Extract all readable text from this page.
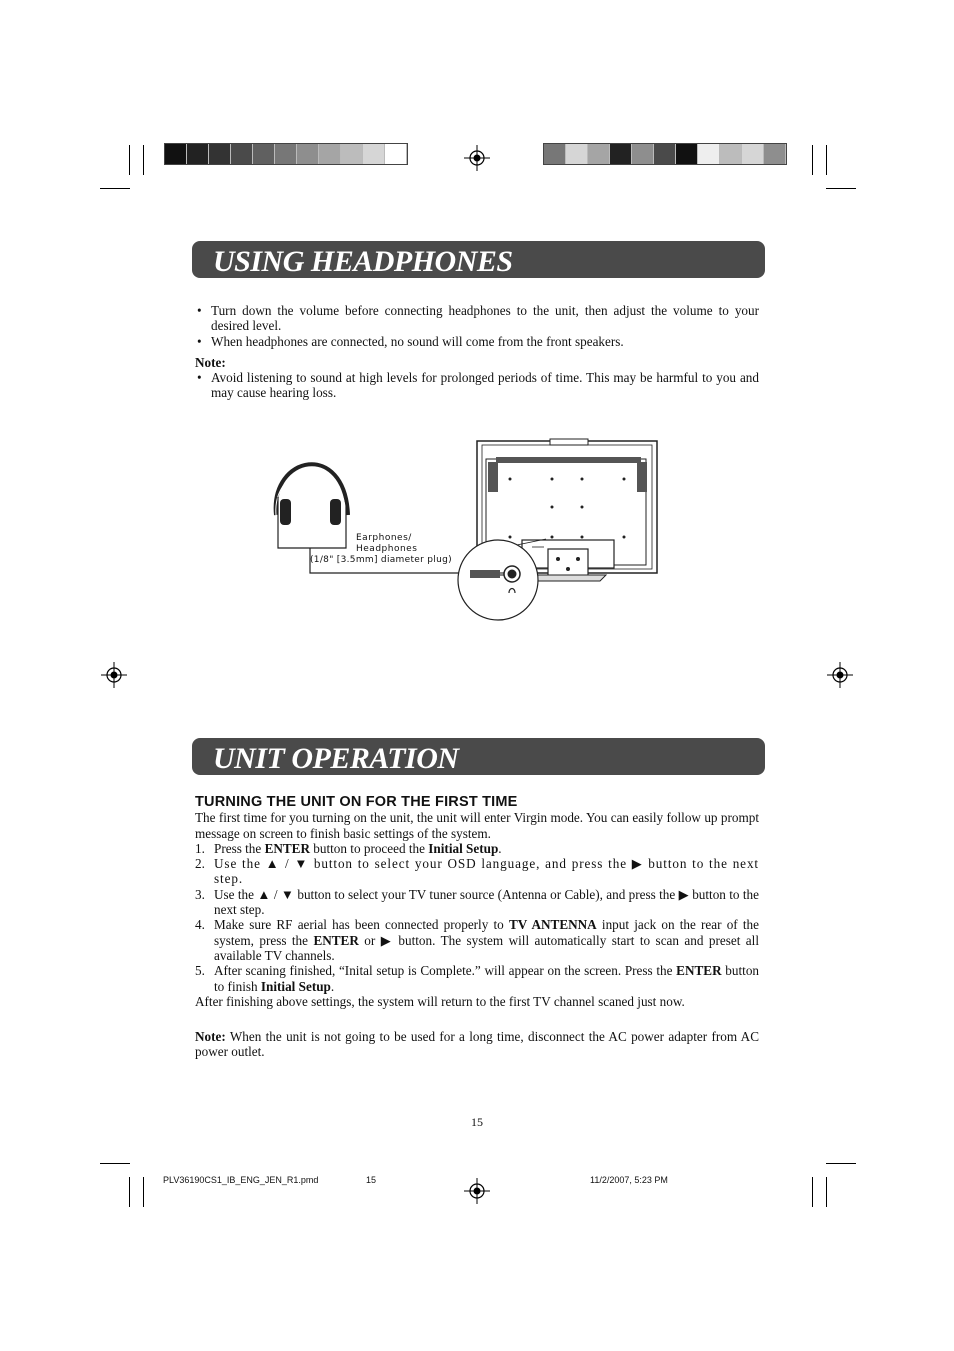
USING HEADPHONES
• Turn down the volume before connecting headphones to the unit, then adjust the volume to your desired level.
• When headphones are connected, no sound will come from the front speakers.
Note:
• Avoid listening to sound at high levels for prolonged periods of time. This may be harmful to you and may cause hearing loss.
Earphones/
Headphones
(1/8" [3.5mm] diameter plug)
UNIT OPERATION
TURNING THE UNIT ON FOR THE FIRST TIME
The first time for you turning on the unit, the unit will enter Virgin mode. You can easily follow up prompt message on screen to finish basic settings of the system.
1. Press the ENTER button to proceed the Initial Setup.
2. Use the ▲ / ▼ button to select your OSD language, and press the ▶ button to the next step.
3. Use the ▲ / ▼ button to select your TV tuner source (Antenna or Cable), and press the ▶ button to the next step.
4. Make sure RF aerial has been connected properly to TV ANTENNA input jack on the rear of the system, press the ENTER or ▶ button. The system will automatically start to scan and preset all available TV channels.
5. After scaning finished, “Inital setup is Complete.” will appear on the screen. Press the ENTER button to finish Initial Setup.
After finishing above settings, the system will return to the first TV channel scaned just now.
Note: When the unit is not going to be used for a long time, disconnect the AC power adapter from AC power outlet.
15
PLV36190CS1_IB_ENG_JEN_R1.pmd	15	11/2/2007, 5:23 PM
